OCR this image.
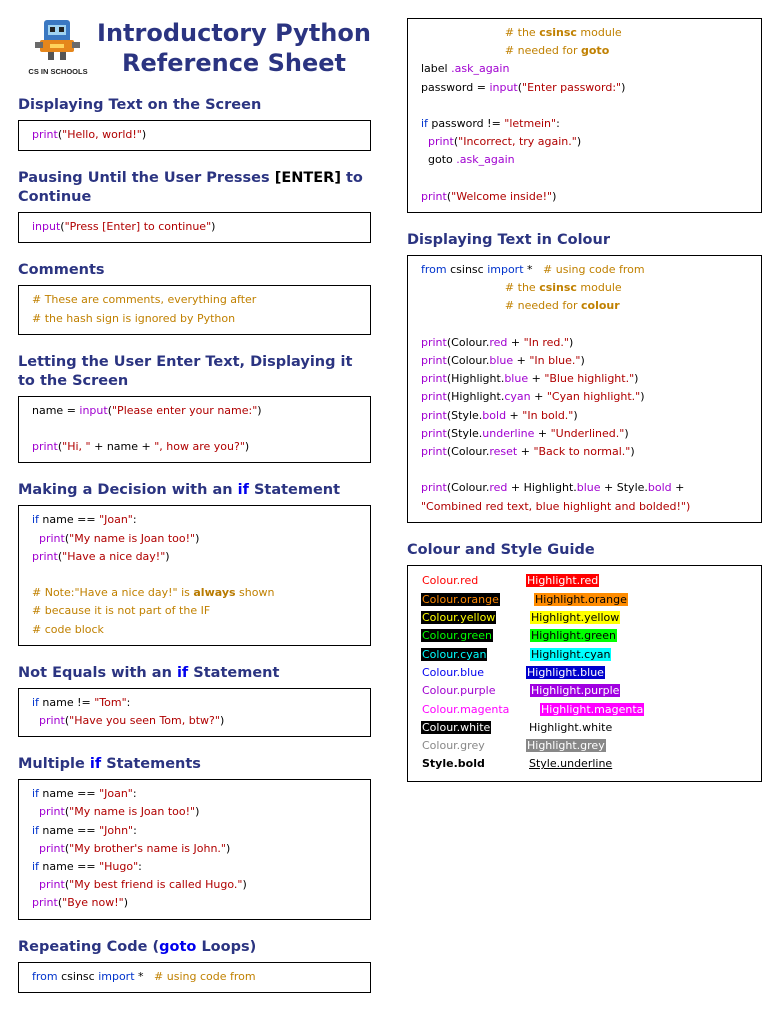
CS IN SCHOOLS
Introductory Python
Reference Sheet
Displaying Text on the Screen
print("Hello, world!")
Pausing Until the User Presses [ENTER] to Continue
input("Press [Enter] to continue")
Comments
# These are comments, everything after
# the hash sign is ignored by Python
Letting the User Enter Text, Displaying it to the Screen
name = input("Please enter your name:")
print("Hi, " + name + ", how are you?")
Making a Decision with an if Statement
if name == "Joan":
print("My name is Joan too!")
print("Have a nice day!")
# Note:"Have a nice day!" is always shown
# because it is not part of the IF
# code block
Not Equals with an if Statement
if name != "Tom":
print("Have you seen Tom, btw?")
Multiple if Statements
if name == "Joan":
print("My name is Joan too!")
if name == "John":
print("My brother's name is John.")
if name == "Hugo":
print("My best friend is called Hugo.")
print("Bye now!")
Repeating Code (goto Loops)
from csinsc import *   # using code from
# the csinsc module
# needed for goto
label .ask_again
password = input("Enter password:")
if password != "letmein":
print("Incorrect, try again.")
goto .ask_again
print("Welcome inside!")
Displaying Text in Colour
from csinsc import *   # using code from
# the csinsc module
# needed for colour
print(Colour.red + "In red.")
print(Colour.blue + "In blue.")
print(Highlight.blue + "Blue highlight.")
print(Highlight.cyan + "Cyan highlight.")
print(Style.bold + "In bold.")
print(Style.underline + "Underlined.")
print(Colour.reset + "Back to normal.")
print(Colour.red + Highlight.blue + Style.bold +
"Combined red text, blue highlight and bolded!")
Colour and Style Guide
Colour.red	Highlight.red
Colour.orange	Highlight.orange
Colour.yellow	Highlight.yellow
Colour.green	Highlight.green
Colour.cyan	Highlight.cyan
Colour.blue	Highlight.blue
Colour.purple	Highlight.purple
Colour.magenta	Highlight.magenta
Colour.white	Highlight.white
Colour.grey	Highlight.grey
Style.bold	Style.underline
